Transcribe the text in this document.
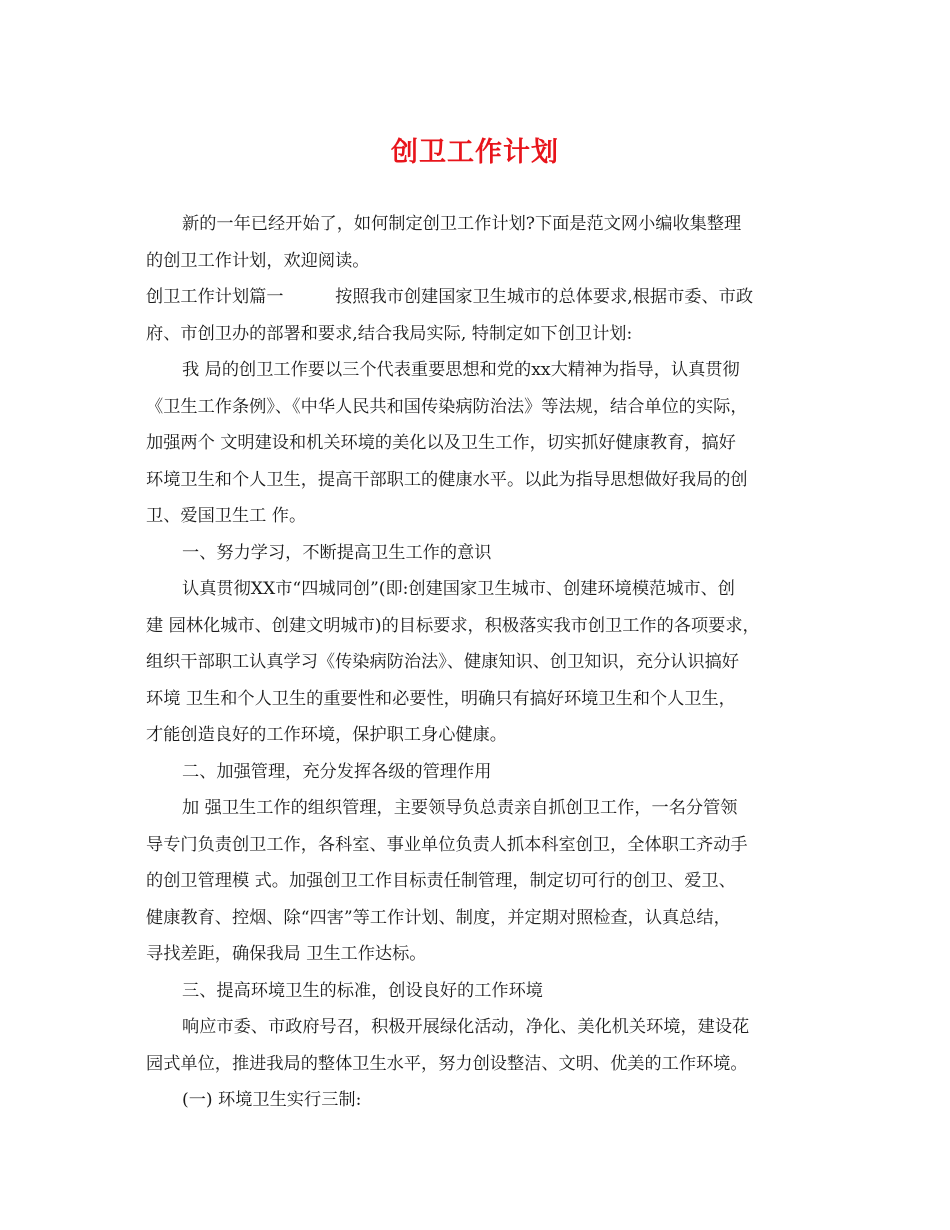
创卫工作计划
新的一年已经开始了，如何制定创卫工作计划?下面是范文网小编收集整理
的创卫工作计划，欢迎阅读。
创卫工作计划篇一　　　按照我市创建国家卫生城市的总体要求,根据市委、市政
府、市创卫办的部署和要求,结合我局实际, 特制定如下创卫计划:
我 局的创卫工作要以三个代表重要思想和党的xx大精神为指导，认真贯彻
《卫生工作条例》、《中华人民共和国传染病防治法》等法规，结合单位的实际，
加强两个 文明建设和机关环境的美化以及卫生工作，切实抓好健康教育，搞好
环境卫生和个人卫生，提高干部职工的健康水平。以此为指导思想做好我局的创
卫、爱国卫生工 作。
一、努力学习，不断提高卫生工作的意识
认真贯彻XX市“四城同创”(即:创建国家卫生城市、创建环境模范城市、创
建 园林化城市、创建文明城市)的目标要求，积极落实我市创卫工作的各项要求，
组织干部职工认真学习《传染病防治法》、健康知识、创卫知识，充分认识搞好
环境 卫生和个人卫生的重要性和必要性，明确只有搞好环境卫生和个人卫生，
才能创造良好的工作环境，保护职工身心健康。
二、加强管理，充分发挥各级的管理作用
加 强卫生工作的组织管理，主要领导负总责亲自抓创卫工作，一名分管领
导专门负责创卫工作，各科室、事业单位负责人抓本科室创卫，全体职工齐动手
的创卫管理模 式。加强创卫工作目标责任制管理，制定切可行的创卫、爱卫、
健康教育、控烟、除“四害”等工作计划、制度，并定期对照检查，认真总结，
寻找差距，确保我局 卫生工作达标。
三、提高环境卫生的标准，创设良好的工作环境
响应市委、市政府号召，积极开展绿化活动，净化、美化机关环境，建设花
园式单位，推进我局的整体卫生水平，努力创设整洁、文明、优美的工作环境。
(一) 环境卫生实行三制:
